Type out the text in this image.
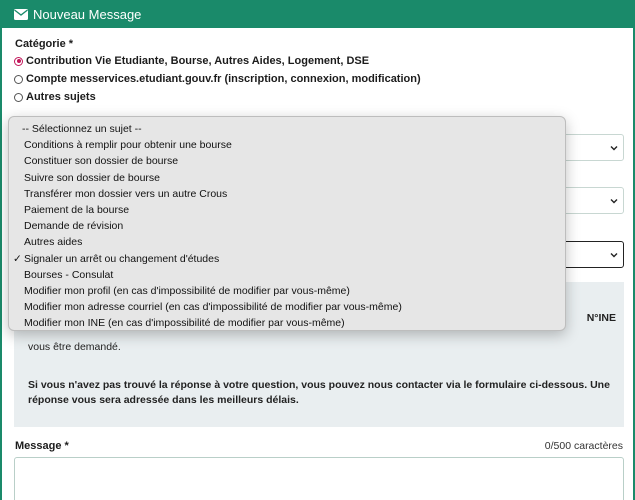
Nouveau Message
Catégorie *
Contribution Vie Etudiante, Bourse, Autres Aides, Logement, DSE
Compte messervices.etudiant.gouv.fr (inscription, connexion, modification)
Autres sujets
N°INE
vous être demandé.
Si vous n'avez pas trouvé la réponse à votre question, vous pouvez nous contacter via le formulaire ci-dessous. Une réponse vous sera adressée dans les meilleurs délais.
Message *	0/500 caractères
-- Sélectionnez un sujet --
Conditions à remplir pour obtenir une bourse
Constituer son dossier de bourse
Suivre son dossier de bourse
Transférer mon dossier vers un autre Crous
Paiement de la bourse
Demande de révision
Autres aides
✓ Signaler un arrêt ou changement d'études
Bourses - Consulat
Modifier mon profil (en cas d'impossibilité de modifier par vous-même)
Modifier mon adresse courriel (en cas d'impossibilité de modifier par vous-même)
Modifier mon INE (en cas d'impossibilité de modifier par vous-même)
